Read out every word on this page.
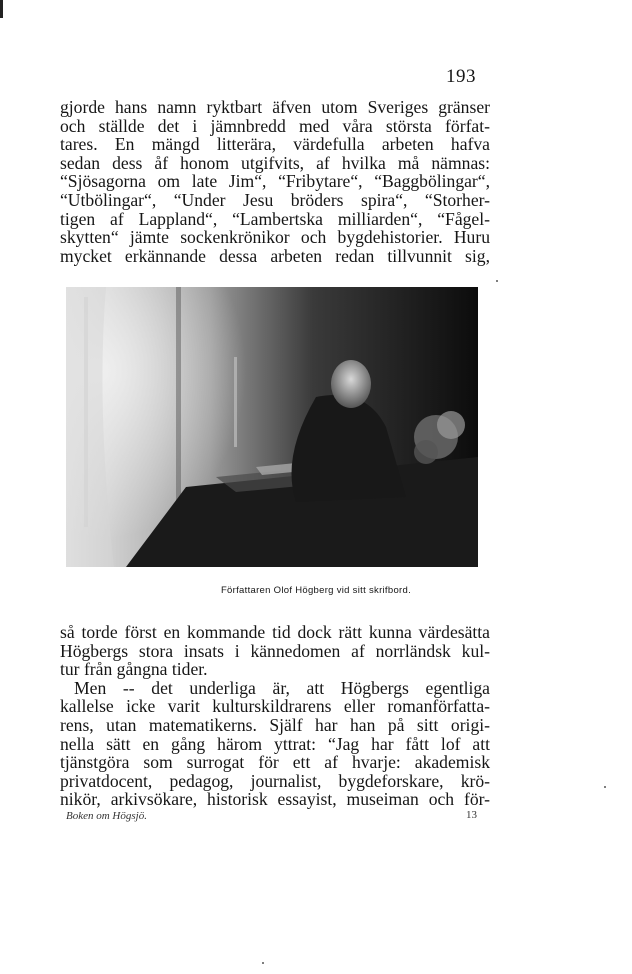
193
gjorde hans namn ryktbart äfven utom Sveriges gränser
och ställde det i jämnbredd med våra största förfat-
tares. En mängd litterära, värdefulla arbeten hafva
sedan dess åf honom utgifvits, af hvilka må nämnas:
“Sjösagorna om late Jim“, “Fribytare“, “Baggbölingar“,
“Utbölingar“, “Under Jesu bröders spira“, “Storher-
tigen af Lappland“, “Lambertska milliarden“, “Fågel-
skytten“ jämte sockenkrönikor och bygdehistorier. Huru
mycket erkännande dessa arbeten redan tillvunnit sig,
Författaren Olof Högberg vid sitt skrifbord.
så torde först en kommande tid dock rätt kunna värdesätta
Högbergs stora insats i kännedomen af norrländsk kul-
tur från gångna tider.
Men -- det underliga är, att Högbergs egentliga
kallelse icke varit kulturskildrarens eller romanförfatta-
rens, utan matematikerns. Själf har han på sitt origi-
nella sätt en gång härom yttrat: “Jag har fått lof att
tjänstgöra som surrogat för ett af hvarje: akademisk
privatdocent, pedagog, journalist, bygdeforskare, krö-
nikör, arkivsökare, historisk essayist, museiman och för-
Boken om Högsjö.	13
